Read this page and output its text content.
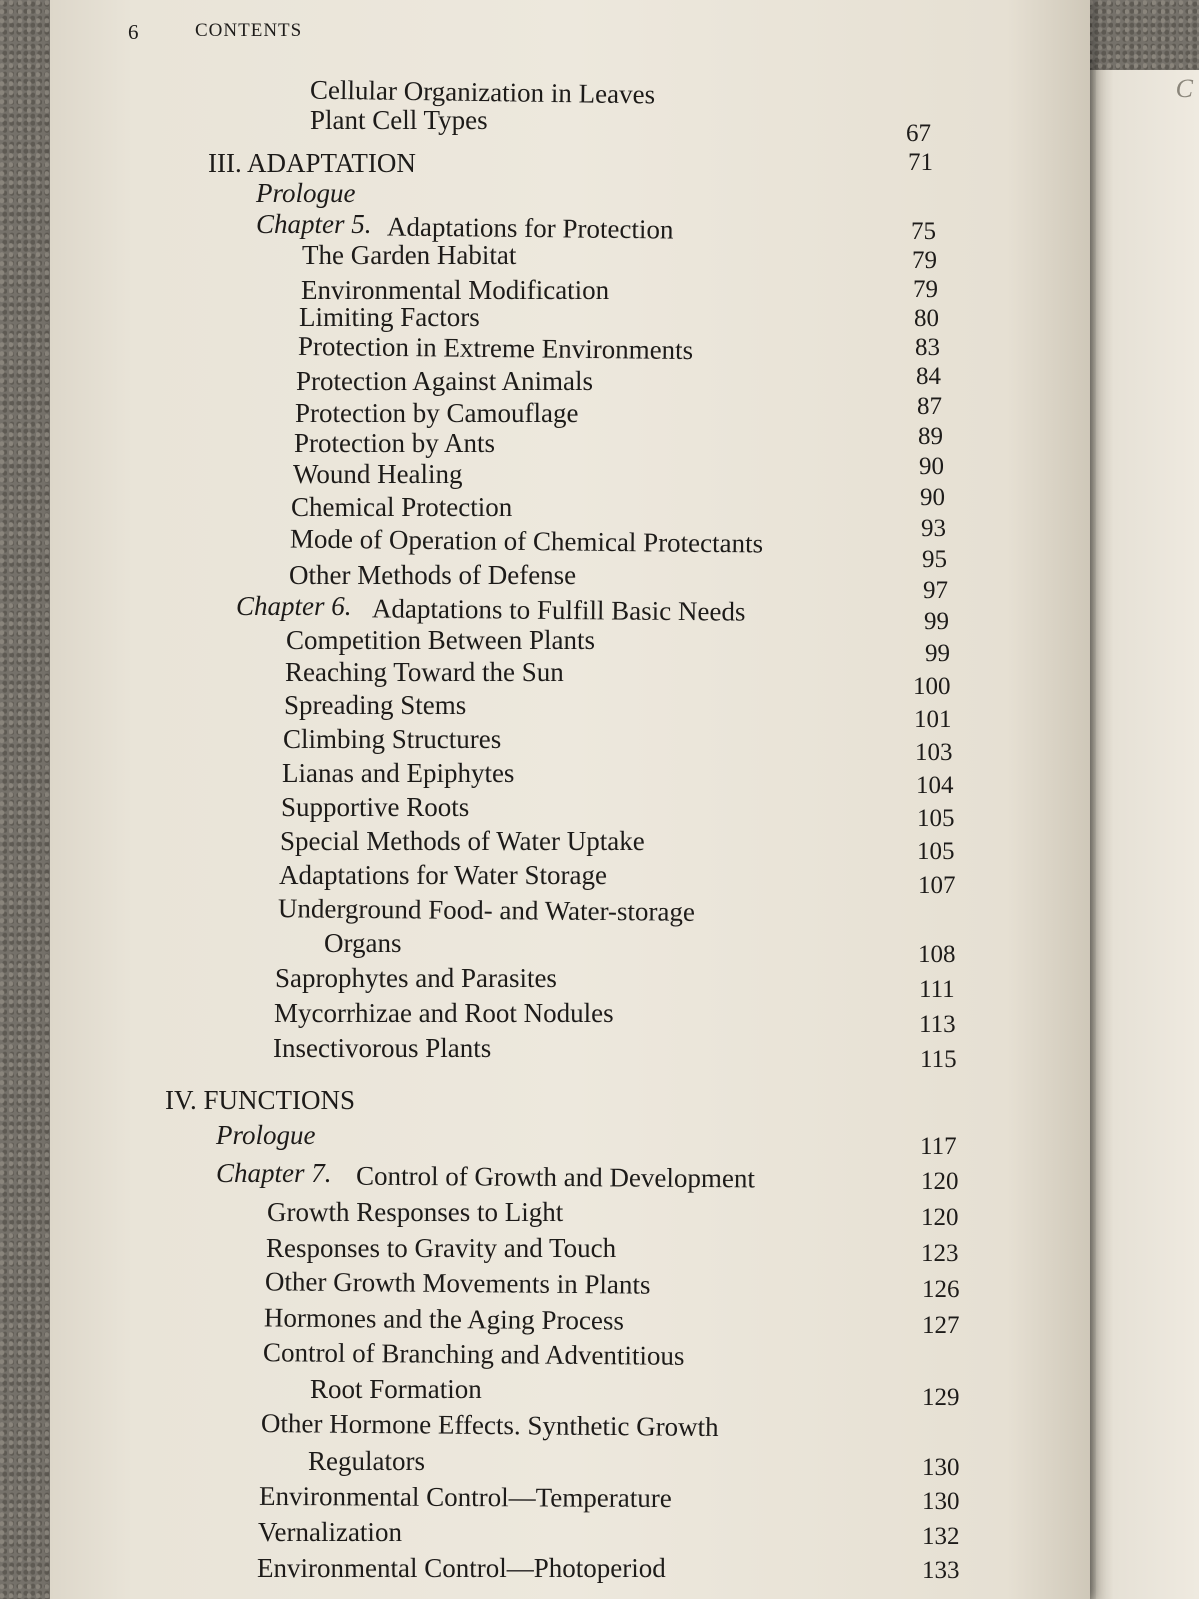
C
6	CONTENTS
Cellular Organization in Leaves
Plant Cell Types
III. ADAPTATION
Prologue
Chapter 5. Adaptations for Protection
The Garden Habitat
Environmental Modification
Limiting Factors
Protection in Extreme Environments
Protection Against Animals
Protection by Camouflage
Protection by Ants
Wound Healing
Chemical Protection
Mode of Operation of Chemical Protectants
Other Methods of Defense
Chapter 6. Adaptations to Fulfill Basic Needs
Competition Between Plants
Reaching Toward the Sun
Spreading Stems
Climbing Structures
Lianas and Epiphytes
Supportive Roots
Special Methods of Water Uptake
Adaptations for Water Storage
Underground Food- and Water-storage
Organs
Saprophytes and Parasites
Mycorrhizae and Root Nodules
Insectivorous Plants
IV. FUNCTIONS
Prologue
Chapter 7. Control of Growth and Development
Growth Responses to Light
Responses to Gravity and Touch
Other Growth Movements in Plants
Hormones and the Aging Process
Control of Branching and Adventitious
Root Formation
Other Hormone Effects. Synthetic Growth
Regulators
Environmental Control—Temperature
Vernalization
Environmental Control—Photoperiod
67
71
75
79
79
80
83
84
87
89
90
90
93
95
97
99
99
100
101
103
104
105
105
107
108
111
113
115
117
120
120
123
126
127
129
130
130
132
133
